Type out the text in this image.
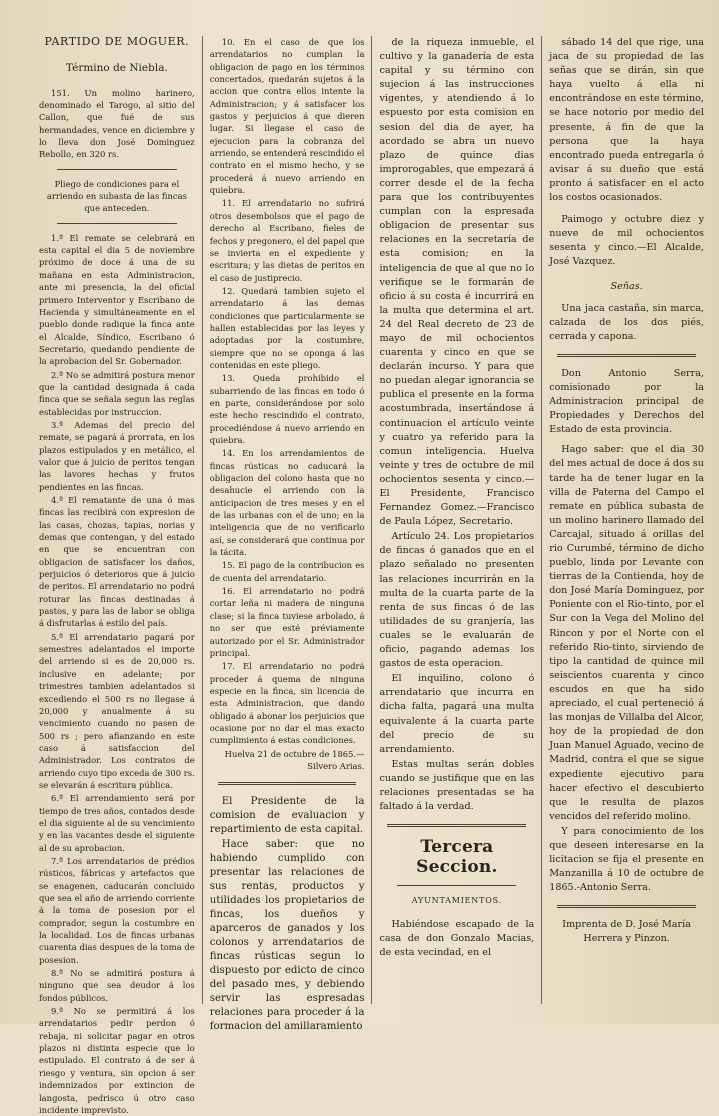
PARTIDO DE MOGUER.
Término de Niebla.

151. Un molino harinero, denominado el Tarogo, al sitio del Callon, que fué de sus hermandades, vence en diciembre y lo lleva don José Dominguez Rebollo, en 320 rs.

Pliego de condiciones para el arriendo en subasta de las fincas que anteceden.

1.ª El remate se celebrará en esta capital el dia 5 de noviembre próximo de doce á una de su mañana en esta Administracion, ante mi presencia, la del oficial primero Interventor y Escribano de Hacienda y simultáneamente en el pueblo donde radique la finca ante el Alcalde, Síndico, Escribano ó Secretario, quedando pendiente de la aprobacion del Sr. Gobernador.

2.ª No se admitirá postura menor que la cantidad designada á cada finca que se señala segun las reglas establecidas por instruccion.

3.ª Ademas del precio del remate, se pagará á prorrata, en los plazos estipulados y en metálico, el valor que á juicio de peritos tengan las lavores hechas y frutos pendientes en las fincas.

4.ª El rematante de una ó mas fincas las recibirá con expresion de las casas, chozas, tapias, norias y demas que contengan, y del estado en que se encuentran con obligacion de satisfacer los daños, perjuicios ó deterioros que á juicio de peritos. El arrendatario no podrá roturar las fincas destinadas á pastos, y para las de labor se obliga á disfrutarlas á estilo del país.

5.ª El arrendatario pagará por semestres adelantados el importe del arriendo si es de 20,000 rs. inclusive en adelante; por trimestres tambien adelantados si excediendo el 500 rs no llegase á 20,000 y anualmente á su vencimiento cuando no pasen de 500 rs ; pero afianzando en este caso á satisfaccion del Administrador. Los contratos de arriendo cuyo tipo exceda de 300 rs. se elevarán á escritura pública.

6.ª El arrendamiento será por tiempo de tres años, contados desde el dia siguiente al de su vencimiento y en las vacantes desde el siguiente al de su aprobacion.

7.ª Los arrendatarios de prédios rústicos, fábricas y artefactos que se enagenen, caducarán concluido que sea el año de arriendo corriente á la toma de posesion por el comprador, segun la costumbre en la localidad. Los de fincas urbanas cuarenta dias despues de la toma de posesion.

8.ª No se admitirá postura á ninguno que sea deudor á los fondos públicos.

9.ª No se permitirá á los arrendatarios pedir perdon ó rebaja, ni solicitar pagar en otros plazos ni distinta especie que lo estipulado. El contrato á de ser á riesgo y ventura, sin opcion á ser indemnizados por extincion de langosta, pedrisco ú otro caso incidente imprevisto.

10. En el caso de que los arrendatarios no cumplan la obligacion de pago en los términos concertados, quedarán sujetos á la accion que contra ellos intente la Administracion; y á satisfacer los gastos y perjuicios á que dieren lugar. Si llegase el caso de ejecucion para la cobranza del arriendo, se entenderá rescindido el contrato en el mismo hecho, y se procederá á nuevo arriendo en quiebra.

11. El arrendatario no sufrirá otros desembolsos que el pago de derecho al Escribano, fieles de fechos y pregonero, el del papel que se invierta en el expediente y escritura; y las dietas de peritos en el caso de justiprecio.

12. Quedará tambien sujeto el arrendatario á las demas condiciones que particularmente se hallen establecidas por las leyes y adoptadas por la costumbre, siempre que no se oponga á las contenidas en este pliego.

13. Queda prohibido el subarriendo de las fincas en todo ó en parte, considerándose por solo este hecho rescindido el contrato, procediéndose á nuevo arriendo en quiebra.

14. En los arrendamientos de fincas rústicas no caducará la obligacion del colono hasta que no desahucie el arriendo con la anticipacion de tres meses y en el de las urbanas con el de uno; en la inteligencia que de no verificarlo así, se considerará que continua por la tácita.

15. El pago de la contribucion es de cuenta del arrendatario.

16. El arrendatario no podrá cortar leña ni madera de ninguna clase; si la finca tuviese arbolado, á no ser que esté préviamente autorizado por el Sr. Administrador principal.

17. El arrendatario no podrá proceder á quema de ninguna especie en la finca, sin licencia de esta Administracion, que dando obligado á abonar los perjuicios que ocasione por no dar el mas exacto cumplimiento á estas condiciones.

Huelva 21 de octubre de 1865.—Silvero Arias.

El Presidente de la comision de evaluacion y repartimiento de esta capital.

Hace saber: que no habiendo cumplido con presentar las relaciones de sus rentas, productos y utilidades los propietarios de fincas, los dueños y aparceros de ganados y los colonos y arrendatarios de fincas rústicas segun lo dispuesto por edicto de cinco del pasado mes, y debiendo servir las espresadas relaciones para proceder á la formacion del amillaramiento

de la riqueza inmueble, el cultivo y la ganadería de esta capital y su término con sujecion á las instrucciones vigentes, y atendiendo á lo espuesto por esta comision en sesion del dia de ayer, ha acordado se abra un nuevo plazo de quince dias improrogables, que empezará á correr desde el de la fecha para que los contribuyentes cumplan con la espresada obligacion de presentar sus relaciones en la secretaría de esta comision; en la inteligencia de que al que no lo verifique se le formarán de oficio á su costa é incurrirá en la multa que determina el art. 24 del Real decreto de 23 de mayo de mil ochocientos cuarenta y cinco en que se declarán incurso. Y para que no puedan alegar ignorancia se publica el presente en la forma acostumbrada, insertándose á continuacion el artículo veinte y cuatro ya referido para la comun inteligencia. Huelva veinte y tres de octubre de mil ochocientos sesenta y cinco.—El Presidente, Francisco Fernandez Gomez.—Francisco de Paula López, Secretario.

Artículo 24. Los propietarios de fincas ó ganados que en el plazo señalado no presenten las relaciones incurrirán en la multa de la cuarta parte de la renta de sus fincas ó de las utilidades de su granjería, las cuales se le evaluarán de oficio, pagando ademas los gastos de esta operacion.

El inquilino, colono ó arrendatario que incurra en dicha falta, pagará una multa equivalente á la cuarta parte del precio de su arrendamiento.

Estas multas serán dobles cuando se justifique que en las relaciones presentadas se ha faltado á la verdad.

Tercera Seccion.
AYUNTAMIENTOS.

Habiéndose escapado de la casa de don Gonzalo Macias, de esta vecindad, en el

sábado 14 del que rige, una jaca de su propiedad de las señas que se dirán, sin que haya vuelto á ella ni encontrándose en este término, se hace notorio por medio del presente, á fin de que la persona que la haya encontrado pueda entregarla ó avisar á su dueño que está pronto á satisfacer en el acto los costos ocasionados.

Paimogo y octubre diez y nueve de mil ochocientos sesenta y cinco.—El Alcalde, José Vazquez.

Señas.

Una jaca castaña, sin marca, calzada de los dos piés, cerrada y capona.

Don Antonio Serra, comisionado por la Administracion principal de Propiedades y Derechos del Estado de esta provincia.

Hago saber: que el dia 30 del mes actual de doce á dos su tarde ha de tener lugar en la villa de Paterna del Campo el remate en pública subasta de un molino harinero llamado del Carcajal, situado á orillas del rio Curumbé, término de dicho pueblo, linda por Levante con tierras de la Contienda, hoy de don José María Dominguez, por Poniente con el Rio-tinto, por el Sur con la Vega del Molino del Rincon y por el Norte con el referido Rio-tinto, sirviendo de tipo la cantidad de quince mil seiscientos cuarenta y cinco escudos en que ha sido apreciado, el cual perteneció á las monjas de Villalba del Alcor, hoy de la propiedad de don Juan Manuel Aguado, vecino de Madrid, contra el que se sigue expediente ejecutivo para hacer efectivo el descubierto que le resulta de plazos vencidos del referido molino.

Y para conocimiento de los que deseen interesarse en la licitacion se fija el presente en Manzanilla á 10 de octubre de 1865.-Antonio Serra.

Imprenta de D. José María Herrera y Pinzon.
